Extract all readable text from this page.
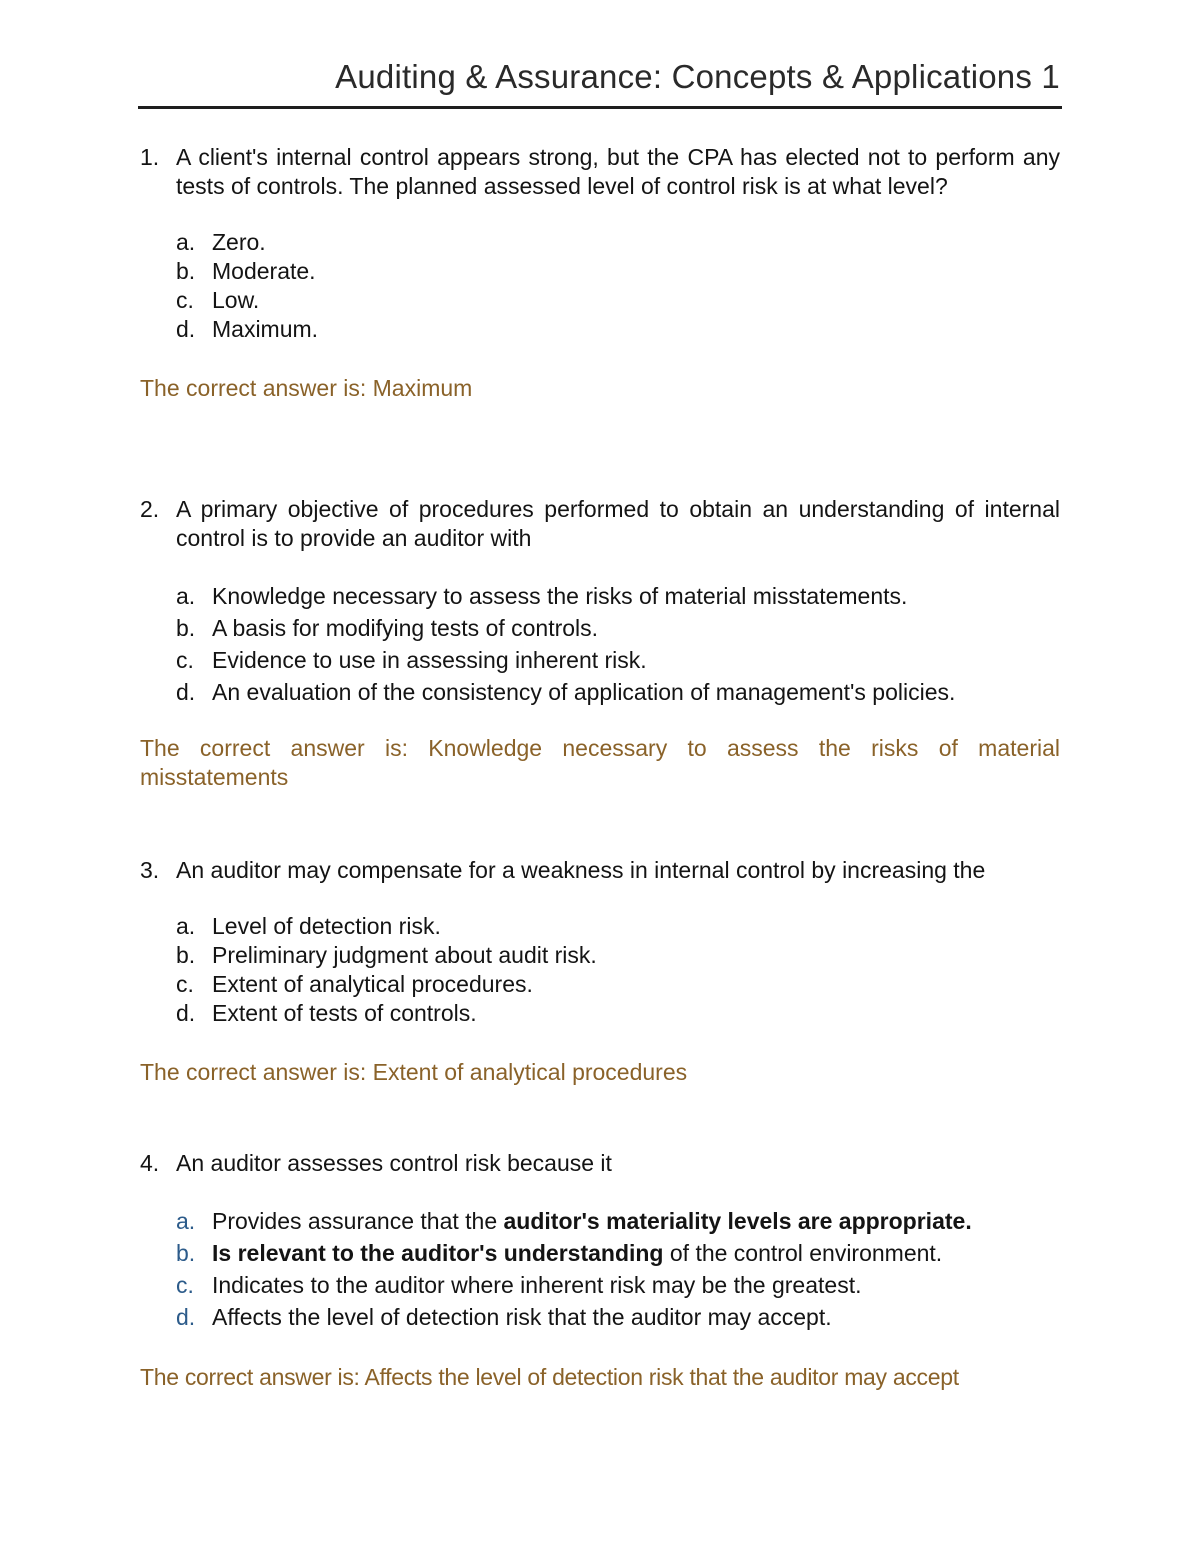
Auditing & Assurance: Concepts & Applications 1
1. A client's internal control appears strong, but the CPA has elected not to perform any tests of controls. The planned assessed level of control risk is at what level?
a. Zero.
b. Moderate.
c. Low.
d. Maximum.
The correct answer is: Maximum
2. A primary objective of procedures performed to obtain an understanding of internal control is to provide an auditor with
a. Knowledge necessary to assess the risks of material misstatements.
b. A basis for modifying tests of controls.
c. Evidence to use in assessing inherent risk.
d. An evaluation of the consistency of application of management's policies.
The correct answer is: Knowledge necessary to assess the risks of material misstatements
3. An auditor may compensate for a weakness in internal control by increasing the
a. Level of detection risk.
b. Preliminary judgment about audit risk.
c. Extent of analytical procedures.
d. Extent of tests of controls.
The correct answer is: Extent of analytical procedures
4. An auditor assesses control risk because it
a. Provides assurance that the auditor's materiality levels are appropriate.
b. Is relevant to the auditor's understanding of the control environment.
c. Indicates to the auditor where inherent risk may be the greatest.
d. Affects the level of detection risk that the auditor may accept.
The correct answer is: Affects the level of detection risk that the auditor may accept
